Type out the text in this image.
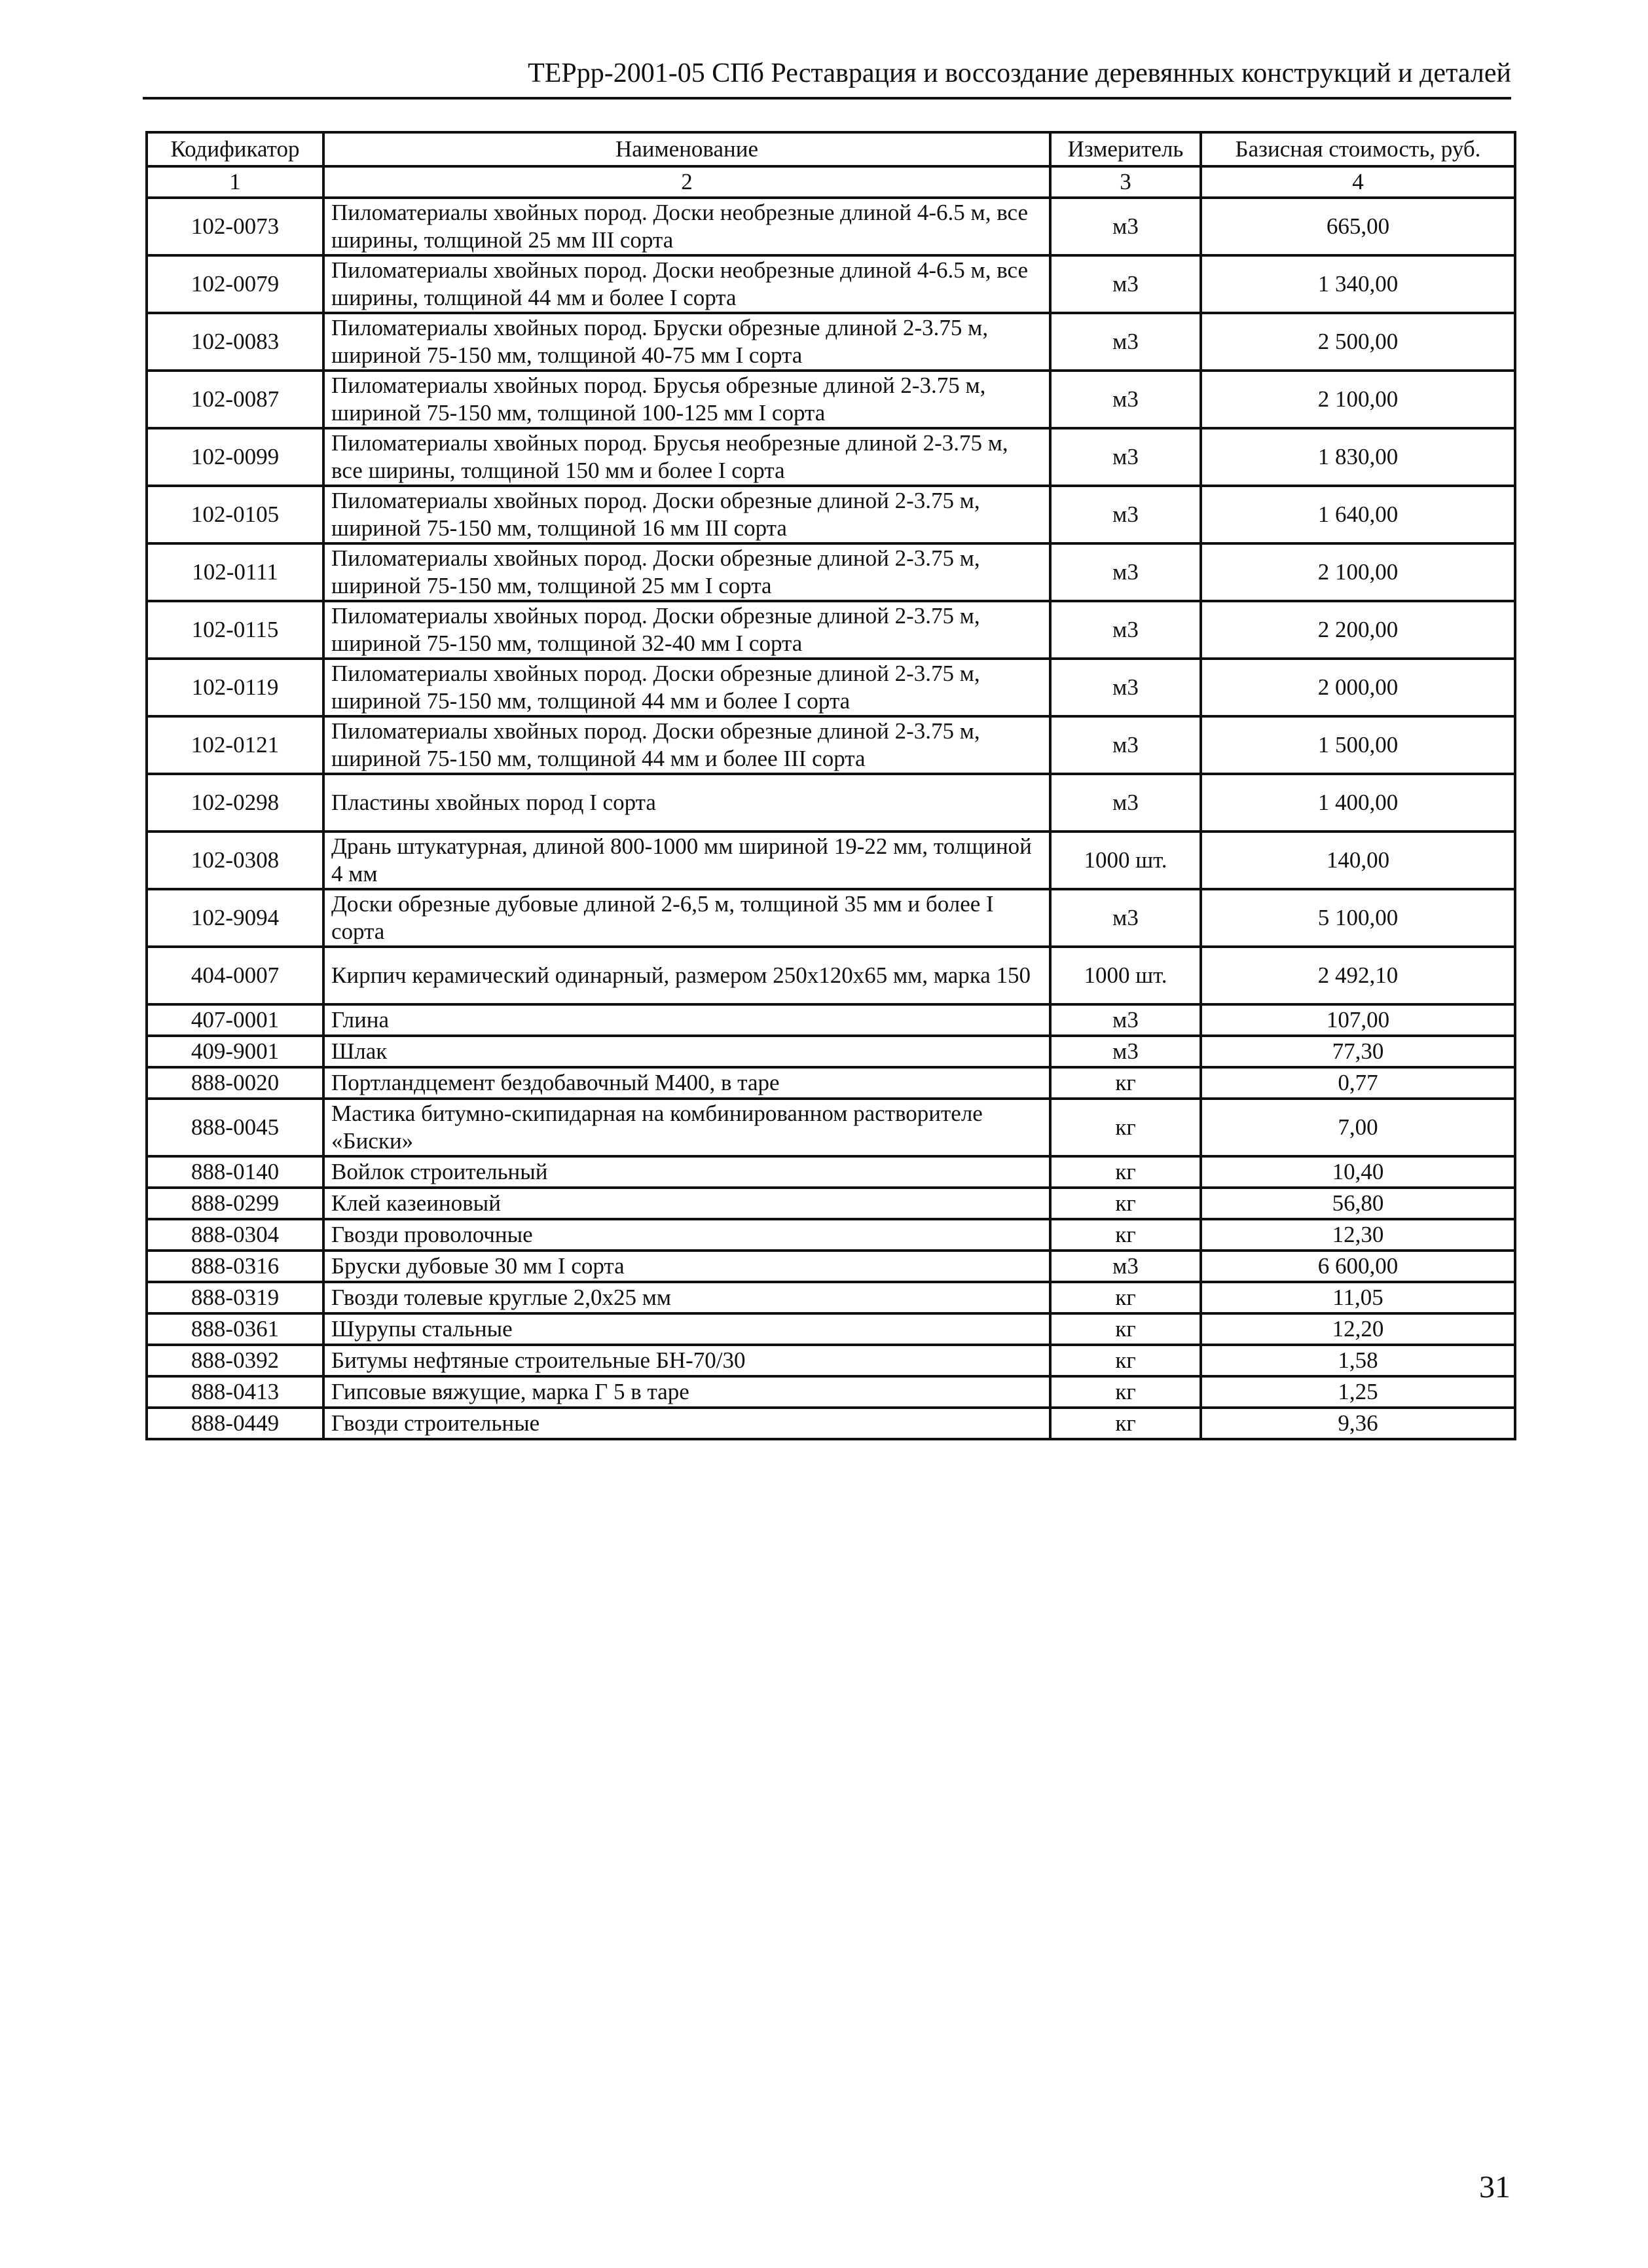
ТЕРрр-2001-05 СПб Реставрация и воссоздание деревянных конструкций и деталей
Кодификатор	Наименование	Измеритель	Базисная стоимость, руб.
1	2	3	4
102-0073	Пиломатериалы хвойных пород. Доски необрезные длиной 4-6.5 м, все ширины, толщиной 25 мм III сорта	м3	665,00
102-0079	Пиломатериалы хвойных пород. Доски необрезные длиной 4-6.5 м, все ширины, толщиной 44 мм и более I сорта	м3	1 340,00
102-0083	Пиломатериалы хвойных пород. Бруски обрезные длиной 2-3.75 м, шириной 75-150 мм, толщиной 40-75 мм I сорта	м3	2 500,00
102-0087	Пиломатериалы хвойных пород. Брусья обрезные длиной 2-3.75 м, шириной 75-150 мм, толщиной 100-125 мм I сорта	м3	2 100,00
102-0099	Пиломатериалы хвойных пород. Брусья необрезные длиной 2-3.75 м, все ширины, толщиной 150 мм и более I сорта	м3	1 830,00
102-0105	Пиломатериалы хвойных пород. Доски обрезные длиной 2-3.75 м, шириной 75-150 мм, толщиной 16 мм III сорта	м3	1 640,00
102-0111	Пиломатериалы хвойных пород. Доски обрезные длиной 2-3.75 м, шириной 75-150 мм, толщиной 25 мм I сорта	м3	2 100,00
102-0115	Пиломатериалы хвойных пород. Доски обрезные длиной 2-3.75 м, шириной 75-150 мм, толщиной 32-40 мм I сорта	м3	2 200,00
102-0119	Пиломатериалы хвойных пород. Доски обрезные длиной 2-3.75 м, шириной 75-150 мм, толщиной 44 мм и более I сорта	м3	2 000,00
102-0121	Пиломатериалы хвойных пород. Доски обрезные длиной 2-3.75 м, шириной 75-150 мм, толщиной 44 мм и более III сорта	м3	1 500,00
102-0298	Пластины хвойных пород I сорта	м3	1 400,00
102-0308	Дрань штукатурная, длиной 800-1000 мм шириной 19-22 мм, толщиной 4 мм	1000 шт.	140,00
102-9094	Доски обрезные дубовые длиной 2-6,5 м, толщиной 35 мм и более I сорта	м3	5 100,00
404-0007	Кирпич керамический одинарный, размером 250x120x65 мм, марка 150	1000 шт.	2 492,10
407-0001	Глина	м3	107,00
409-9001	Шлак	м3	77,30
888-0020	Портландцемент бездобавочный М400, в таре	кг	0,77
888-0045	Мастика битумно-скипидарная на комбинированном растворителе «Биски»	кг	7,00
888-0140	Войлок строительный	кг	10,40
888-0299	Клей казеиновый	кг	56,80
888-0304	Гвозди проволочные	кг	12,30
888-0316	Бруски дубовые 30 мм I сорта	м3	6 600,00
888-0319	Гвозди толевые круглые 2,0x25 мм	кг	11,05
888-0361	Шурупы стальные	кг	12,20
888-0392	Битумы нефтяные строительные БН-70/30	кг	1,58
888-0413	Гипсовые вяжущие, марка Г 5 в таре	кг	1,25
888-0449	Гвозди строительные	кг	9,36
31
